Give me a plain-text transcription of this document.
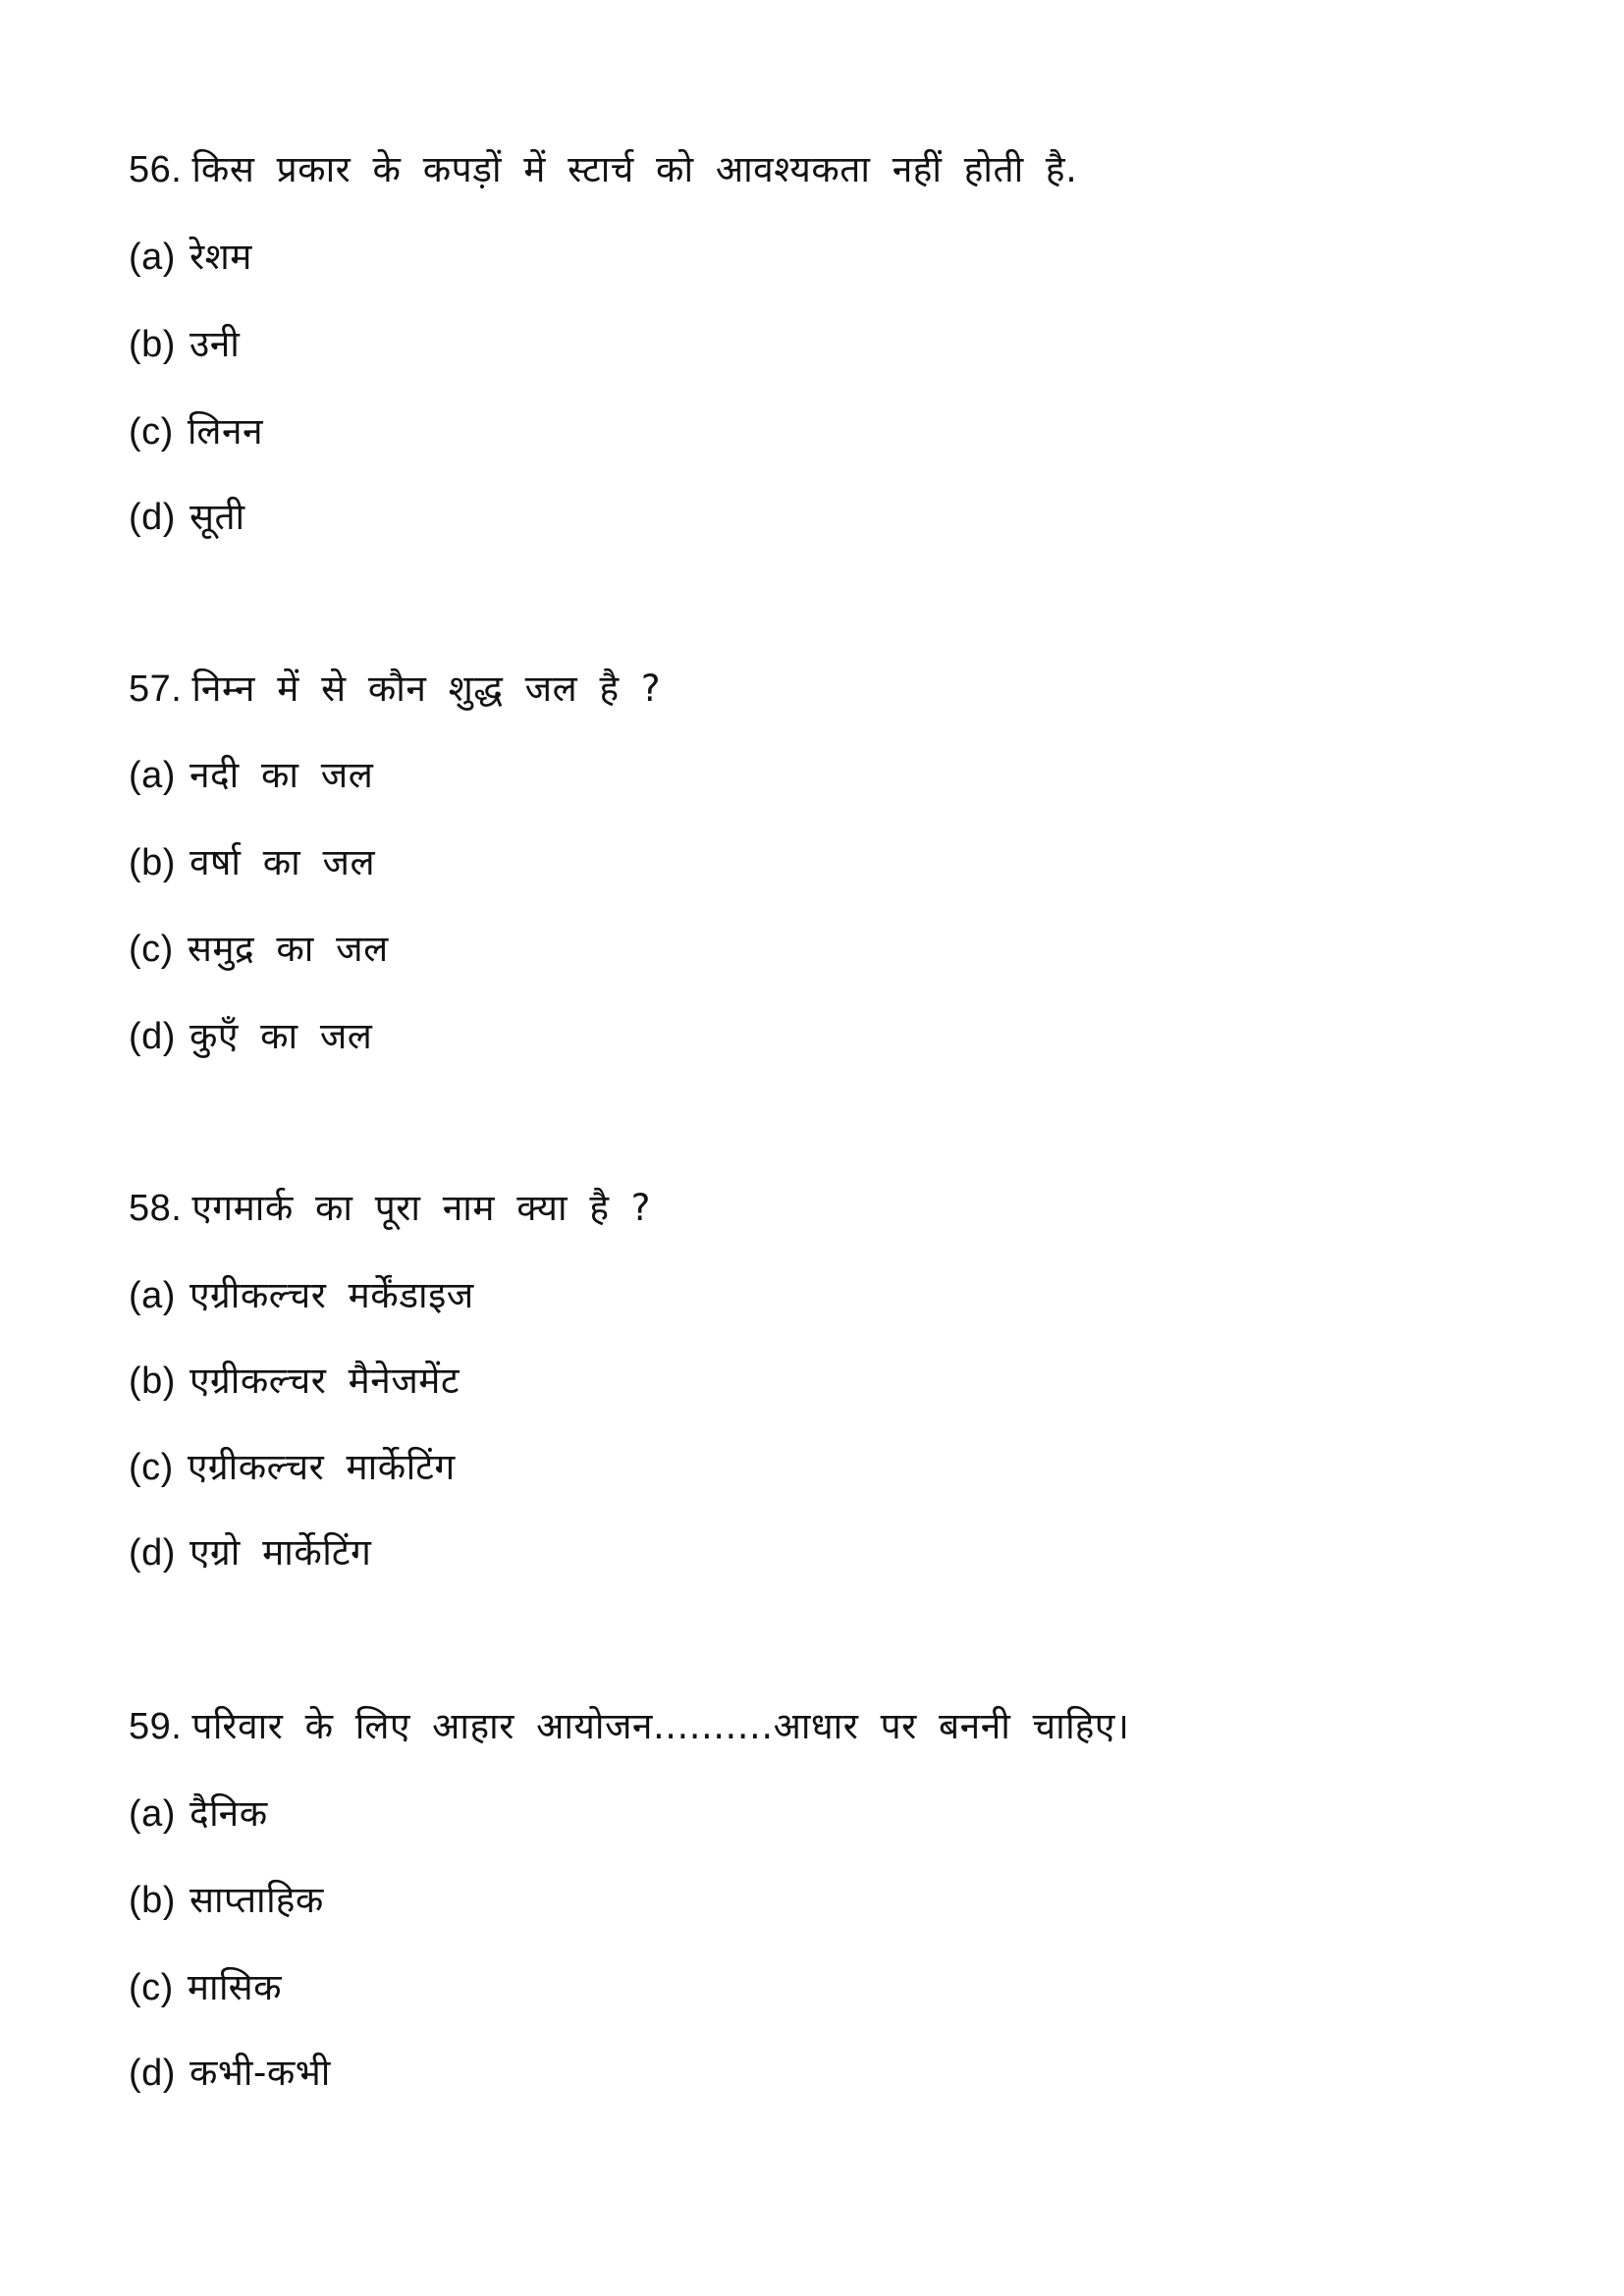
56. किस प्रकार के कपड़ों में स्टार्च को आवश्यकता नहीं होती है.
(a) रेशम
(b) उनी
(c) लिनन
(d) सूती
57. निम्न में से कौन शुद्ध जल है ?
(a) नदी का जल
(b) वर्षा का जल
(c) समुद्र का जल
(d) कुएँ का जल
58. एगमार्क का पूरा नाम क्या है ?
(a) एग्रीकल्चर मर्केंडाइज
(b) एग्रीकल्चर मैनेजमेंट
(c) एग्रीकल्चर मार्केटिंग
(d) एग्रो मार्केटिंग
59. परिवार के लिए आहार आयोजन..........आधार पर बननी चाहिए।
(a) दैनिक
(b) साप्ताहिक
(c) मासिक
(d) कभी-कभी
